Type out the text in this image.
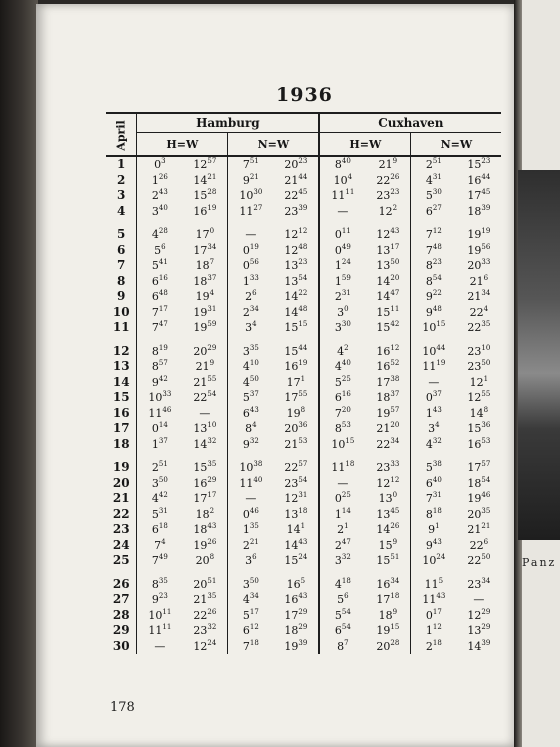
1936
April	Hamburg				Cuxhaven			
	H=W		N=W		H=W		N=W	
1	$0^3$	$12^{57}$	$7^{51}$	$20^{23}$	$8^{40}$	$21^9$	$2^{51}$	$15^{23}$
2	$1^{26}$	$14^{21}$	$9^{21}$	$21^{44}$	$10^4$	$22^{26}$	$4^{31}$	$16^{44}$
3	$2^{43}$	$15^{28}$	$10^{30}$	$22^{45}$	$11^{11}$	$23^{23}$	$5^{30}$	$17^{45}$
4	$3^{40}$	$16^{19}$	$11^{27}$	$23^{39}$	—	$12^2$	$6^{27}$	$18^{39}$

5	$4^{28}$	$17^0$	—	$12^{12}$	$0^{11}$	$12^{43}$	$7^{12}$	$19^{19}$
6	$5^6$	$17^{34}$	$0^{19}$	$12^{48}$	$0^{49}$	$13^{17}$	$7^{48}$	$19^{56}$
7	$5^{41}$	$18^7$	$0^{56}$	$13^{23}$	$1^{24}$	$13^{50}$	$8^{23}$	$20^{33}$
8	$6^{16}$	$18^{37}$	$1^{33}$	$13^{54}$	$1^{59}$	$14^{20}$	$8^{54}$	$21^6$
9	$6^{48}$	$19^4$	$2^6$	$14^{22}$	$2^{31}$	$14^{47}$	$9^{22}$	$21^{34}$
10	$7^{17}$	$19^{31}$	$2^{34}$	$14^{48}$	$3^0$	$15^{11}$	$9^{48}$	$22^4$
11	$7^{47}$	$19^{59}$	$3^4$	$15^{15}$	$3^{30}$	$15^{42}$	$10^{15}$	$22^{35}$

12	$8^{19}$	$20^{29}$	$3^{35}$	$15^{44}$	$4^2$	$16^{12}$	$10^{44}$	$23^{10}$
13	$8^{57}$	$21^9$	$4^{10}$	$16^{19}$	$4^{40}$	$16^{52}$	$11^{19}$	$23^{50}$
14	$9^{42}$	$21^{55}$	$4^{50}$	$17^1$	$5^{25}$	$17^{38}$	—	$12^1$
15	$10^{33}$	$22^{54}$	$5^{37}$	$17^{55}$	$6^{16}$	$18^{37}$	$0^{37}$	$12^{55}$
16	$11^{46}$	—	$6^{43}$	$19^8$	$7^{20}$	$19^{57}$	$1^{43}$	$14^8$
17	$0^{14}$	$13^{10}$	$8^4$	$20^{36}$	$8^{53}$	$21^{20}$	$3^4$	$15^{36}$
18	$1^{37}$	$14^{32}$	$9^{32}$	$21^{53}$	$10^{15}$	$22^{34}$	$4^{32}$	$16^{53}$

19	$2^{51}$	$15^{35}$	$10^{38}$	$22^{57}$	$11^{18}$	$23^{33}$	$5^{38}$	$17^{57}$
20	$3^{50}$	$16^{29}$	$11^{40}$	$23^{54}$	—	$12^{12}$	$6^{40}$	$18^{54}$
21	$4^{42}$	$17^{17}$	—	$12^{31}$	$0^{25}$	$13^0$	$7^{31}$	$19^{46}$
22	$5^{31}$	$18^2$	$0^{46}$	$13^{18}$	$1^{14}$	$13^{45}$	$8^{18}$	$20^{35}$
23	$6^{18}$	$18^{43}$	$1^{35}$	$14^1$	$2^1$	$14^{26}$	$9^1$	$21^{21}$
24	$7^4$	$19^{26}$	$2^{21}$	$14^{43}$	$2^{47}$	$15^9$	$9^{43}$	$22^6$
25	$7^{49}$	$20^8$	$3^6$	$15^{24}$	$3^{32}$	$15^{51}$	$10^{24}$	$22^{50}$

26	$8^{35}$	$20^{51}$	$3^{50}$	$16^5$	$4^{18}$	$16^{34}$	$11^5$	$23^{34}$
27	$9^{23}$	$21^{35}$	$4^{34}$	$16^{43}$	$5^6$	$17^{18}$	$11^{43}$	—
28	$10^{11}$	$22^{26}$	$5^{17}$	$17^{29}$	$5^{54}$	$18^9$	$0^{17}$	$12^{29}$
29	$11^{11}$	$23^{32}$	$6^{12}$	$18^{29}$	$6^{54}$	$19^{15}$	$1^{12}$	$13^{29}$
30	—	$12^{24}$	$7^{18}$	$19^{39}$	$8^7$	$20^{28}$	$2^{18}$	$14^{39}$
178
Panz
